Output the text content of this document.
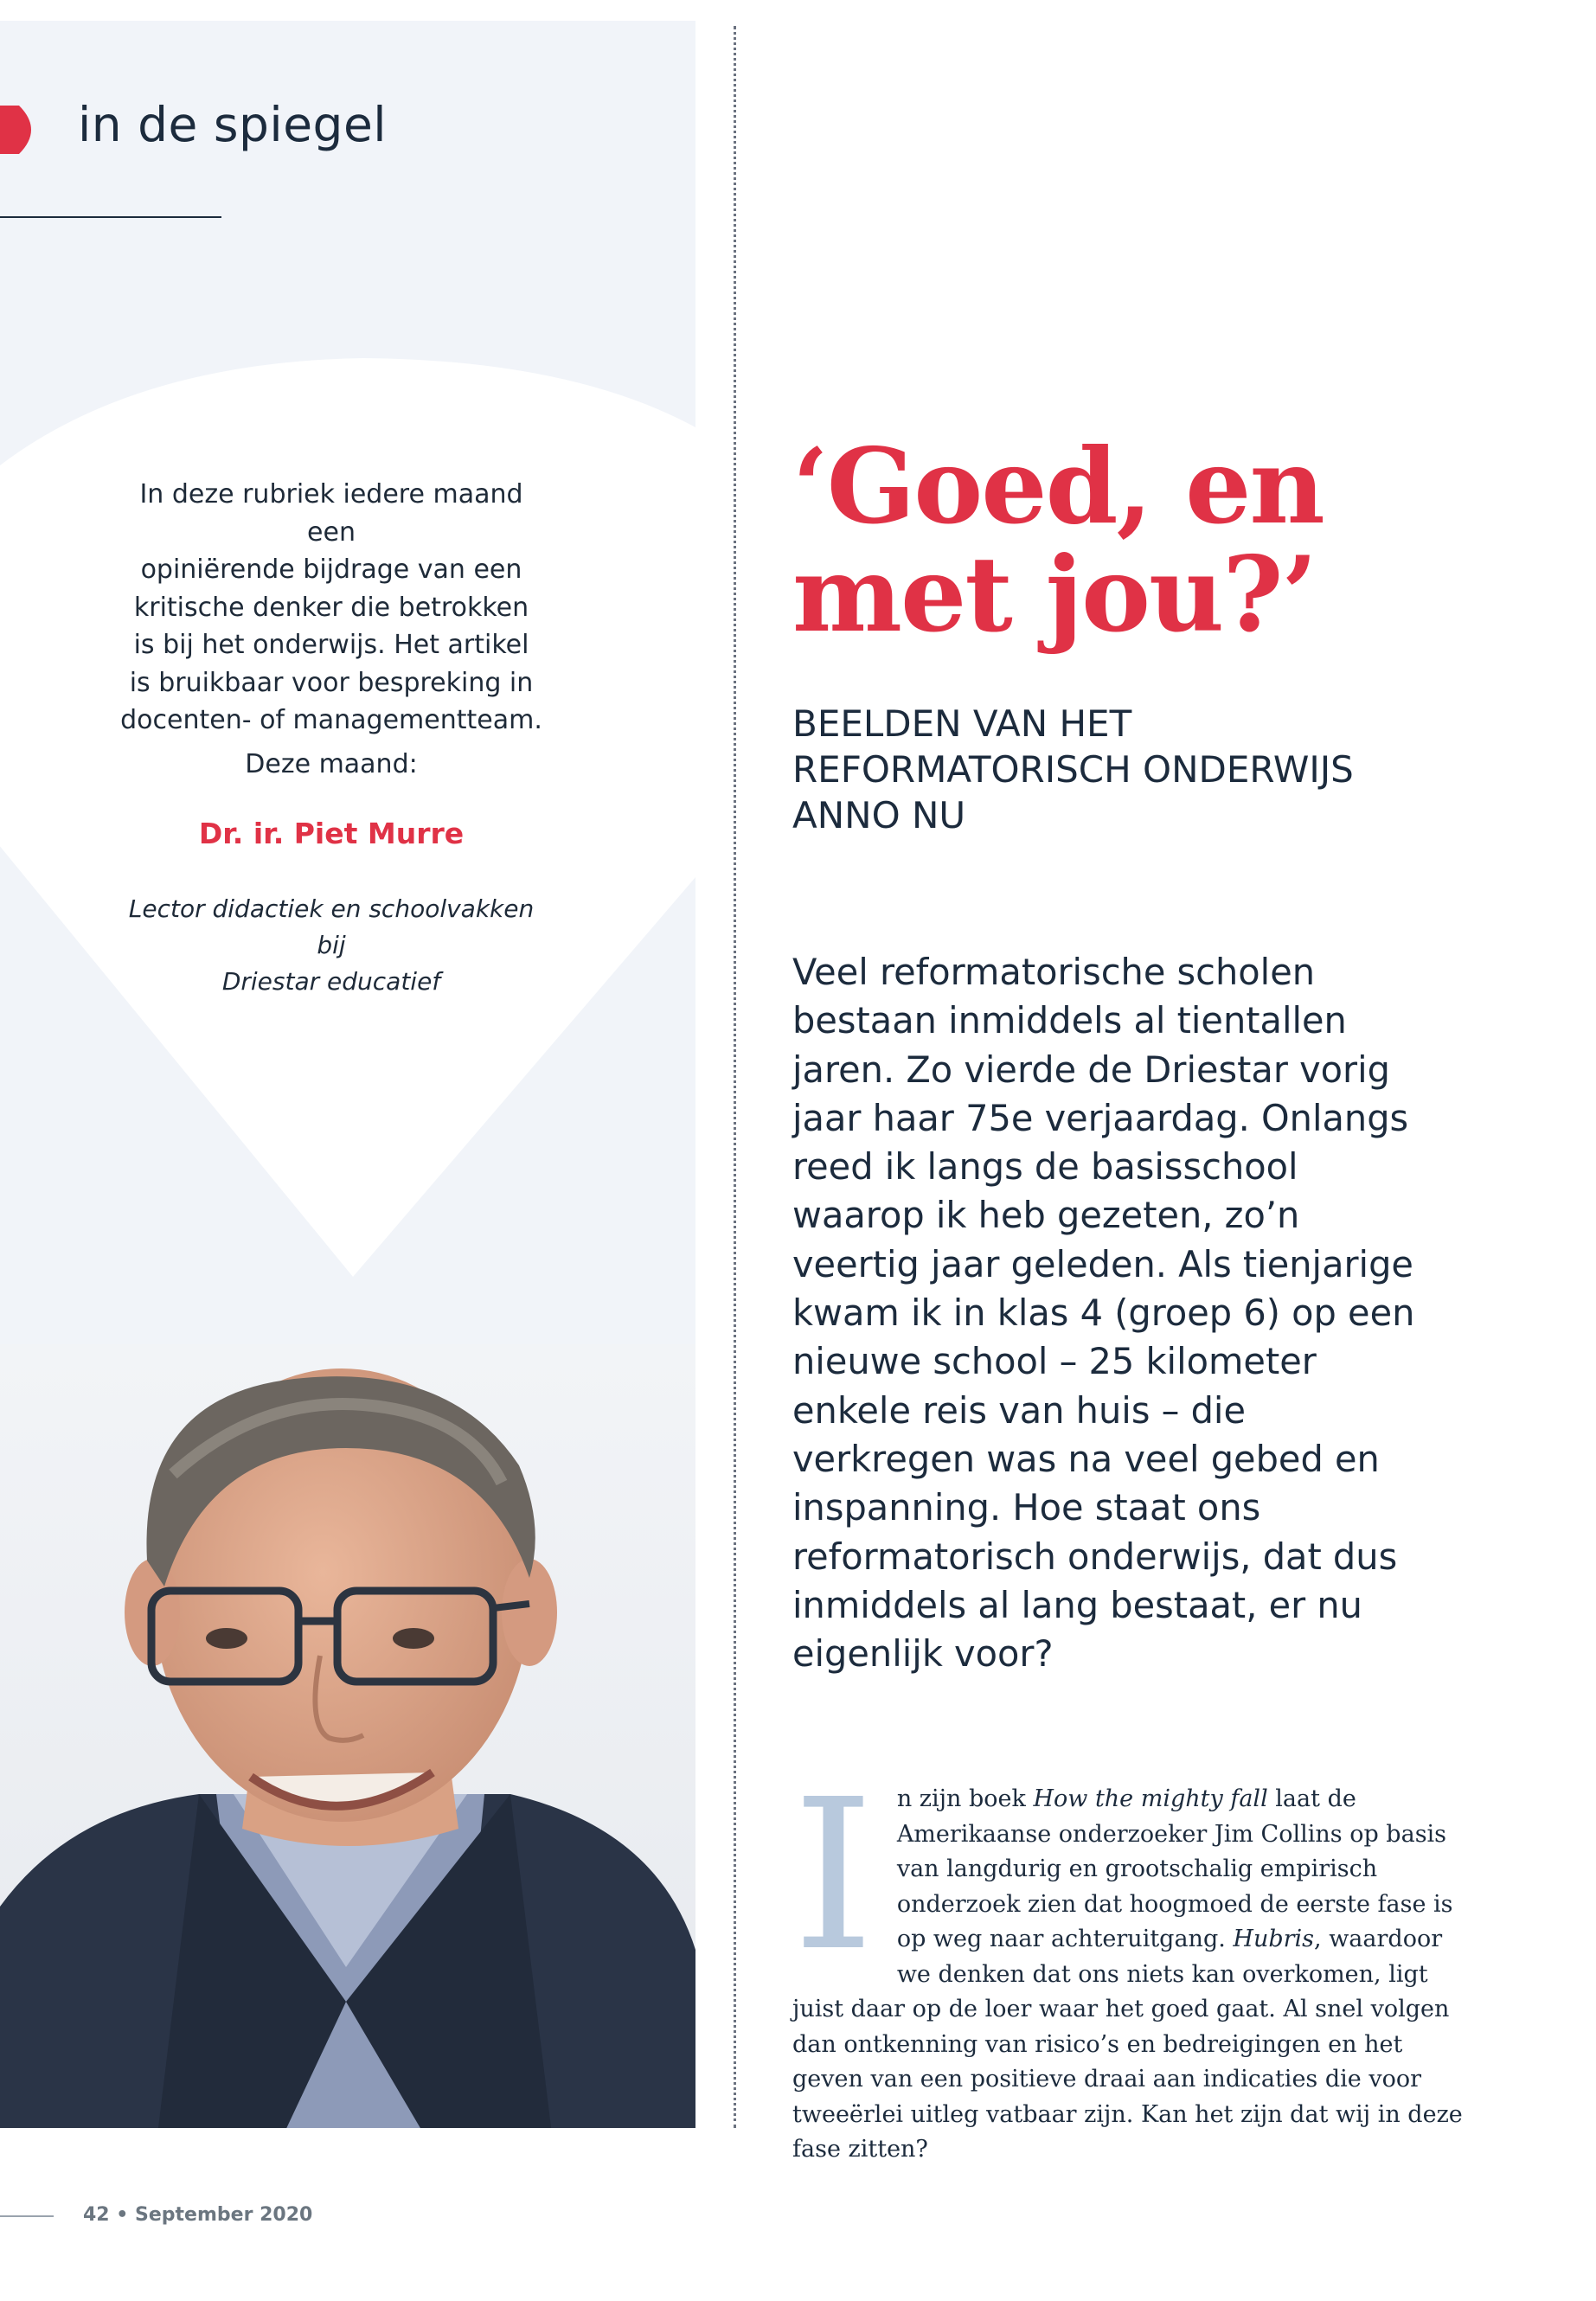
in de spiegel

In deze rubriek iedere maand een

opiniërende bijdrage van een

kritische denker die betrokken

is bij het onderwijs. Het artikel

is bruikbaar voor bespreking in

docenten- of managementteam.

Deze maand:
Dr. ir. Piet Murre
Lector didactiek en schoolvakken bij
Driestar educatief
‘Goed, en
met jou?’
BEELDEN VAN HET
REFORMATORISCH ONDERWIJS
ANNO NU

Veel reformatorische scholen bestaan inmiddels al tientallen jaren. Zo vierde de Driestar vorig jaar haar 75e verjaardag. Onlangs reed ik langs de basisschool waarop ik heb gezeten, zo’n veertig jaar geleden. Als tienjarige kwam ik in klas 4 (groep 6) op een nieuwe school – 25 kilometer enkele reis van huis – die verkregen was na veel gebed en inspanning. Hoe staat ons reformatorisch onderwijs, dat dus inmiddels al lang bestaat, er nu eigenlijk voor?

In zijn boek How the mighty fall laat de Amerikaanse onderzoeker Jim Collins op basis van langdurig en grootschalig empirisch onderzoek zien dat hoogmoed de eerste fase is op weg naar achteruitgang. Hubris, waardoor we denken dat ons niets kan overkomen, ligt juist daar op de loer waar het goed gaat. Al snel volgen dan ontkenning van risico’s en bedreigingen en het geven van een positieve draai aan indicaties die voor tweeërlei uitleg vatbaar zijn. Kan het zijn dat wij in deze fase zitten?

42 • September 2020
